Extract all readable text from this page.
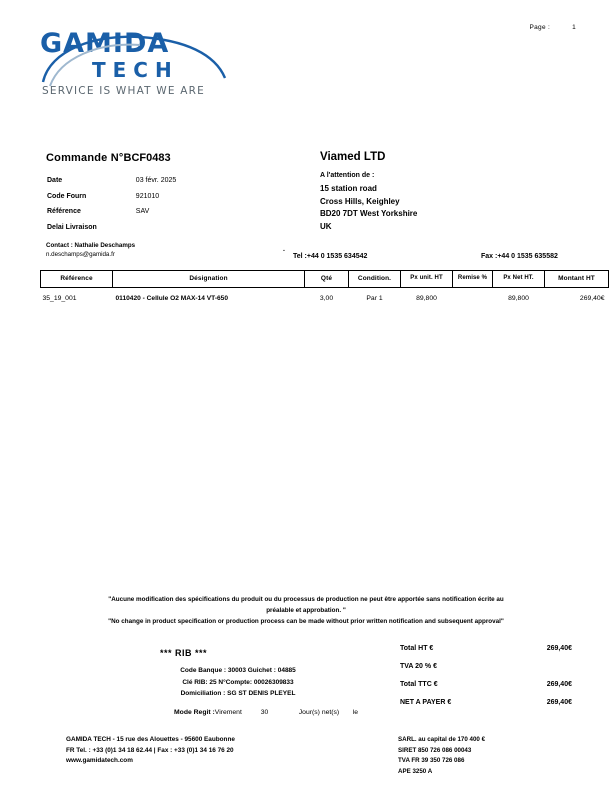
Page :	1
GAMIDA
TECH
SERVICE IS WHAT WE ARE
Commande N°BCF0483
Date	03 févr. 2025
Code Fourn	921010
Référence	SAV
Delai Livraison	
Contact : Nathalie Deschamps
n.deschamps@gamida.fr
.
Viamed LTD
A l'attention de :
15 station road
Cross Hills, Keighley
BD20 7DT West Yorkshire
UK
Tel :+44 0 1535 634542	Fax :+44 0 1535 635582
Référence	Désignation	Qté	Condition.	Px unit. HT	Remise %	Px Net HT.	Montant HT
35_19_001	0110420 - Cellule O2 MAX-14 VT-650	3,00	Par 1	89,800		89,800	269,40€
"Aucune modification des spécifications du produit ou du processus de production ne peut être apportée sans notification écrite au
préalable et approbation. "
"No change in product specification or production process can be made without prior written notification and subsequent approval"
*** RIB ***
Code Banque : 30003 Guichet : 04885
Clé RIB: 25 N°Compte: 00026309833
Domiciliation : SG ST DENIS PLEYEL
Mode Regit :Virement	30	Jour(s) net(s) le
Total HT €	269,40€
TVA 20 % €
Total TTC €	269,40€
NET A PAYER €	269,40€
GAMIDA TECH - 15 rue des Alouettes - 95600 Eaubonne
FR Tel. : +33 (0)1 34 18 62.44 | Fax : +33 (0)1 34 16 76 20
www.gamidatech.com
SARL. au capital de 170 400 €
SIRET 850 726 086 00043
TVA FR 39 350 726 086
APE 3250 A
